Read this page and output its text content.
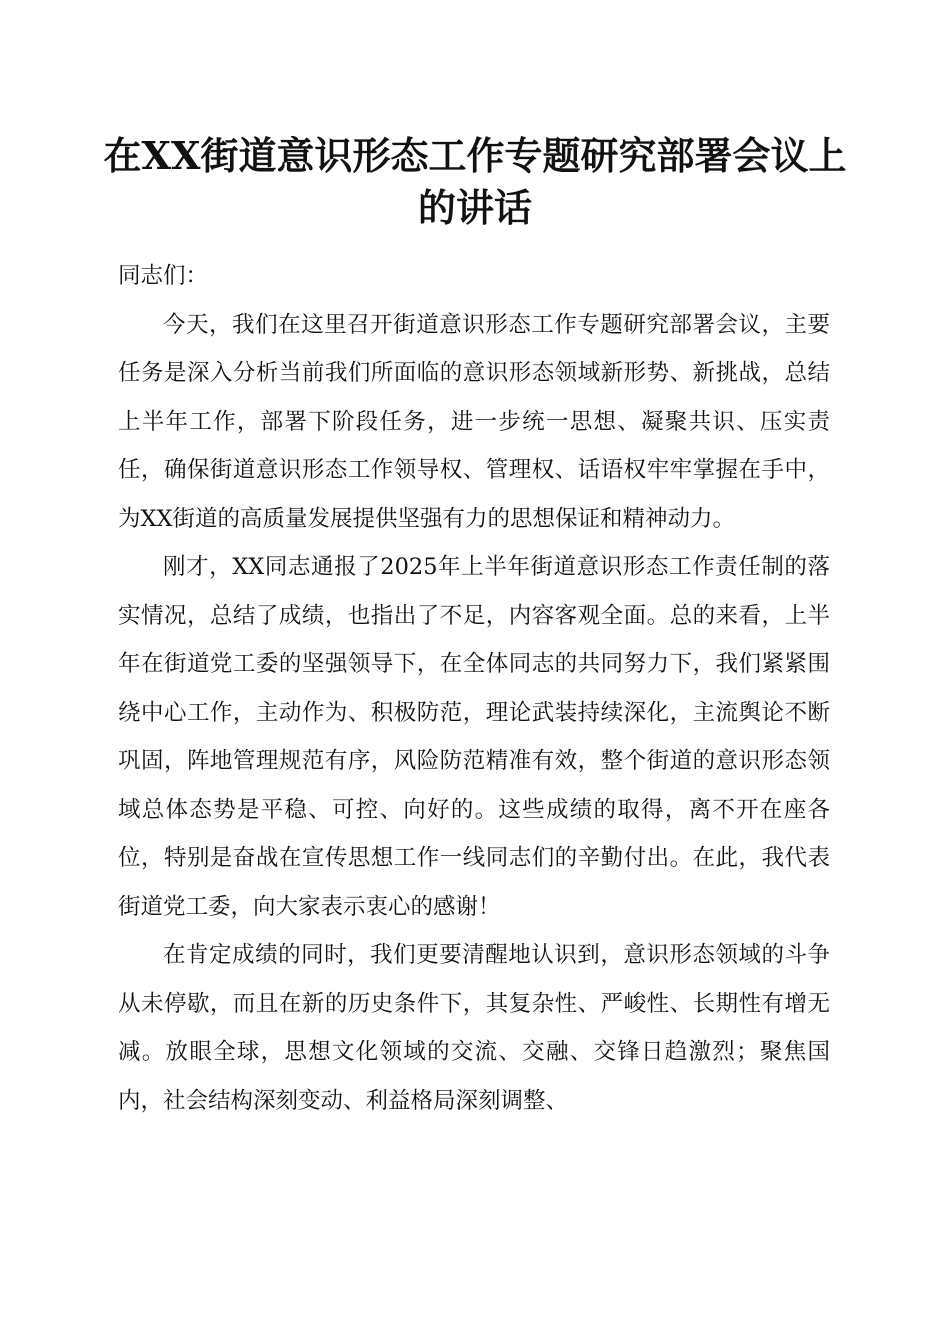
在XX街道意识形态工作专题研究部署会议上
的讲话

同志们：

今天，我们在这里召开街道意识形态工作专题研究部署会议，主要任务是深入分析当前我们所面临的意识形态领域新形势、新挑战，总结上半年工作，部署下阶段任务，进一步统一思想、凝聚共识、压实责任，确保街道意识形态工作领导权、管理权、话语权牢牢掌握在手中，为XX街道的高质量发展提供坚强有力的思想保证和精神动力。

刚才，XX同志通报了2025年上半年街道意识形态工作责任制的落实情况，总结了成绩，也指出了不足，内容客观全面。总的来看，上半年在街道党工委的坚强领导下，在全体同志的共同努力下，我们紧紧围绕中心工作，主动作为、积极防范，理论武装持续深化，主流舆论不断巩固，阵地管理规范有序，风险防范精准有效，整个街道的意识形态领域总体态势是平稳、可控、向好的。这些成绩的取得，离不开在座各位，特别是奋战在宣传思想工作一线同志们的辛勤付出。在此，我代表街道党工委，向大家表示衷心的感谢！

在肯定成绩的同时，我们更要清醒地认识到，意识形态领域的斗争从未停歇，而且在新的历史条件下，其复杂性、严峻性、长期性有增无减。放眼全球，思想文化领域的交流、交融、交锋日趋激烈；聚焦国内，社会结构深刻变动、利益格局深刻调整、
